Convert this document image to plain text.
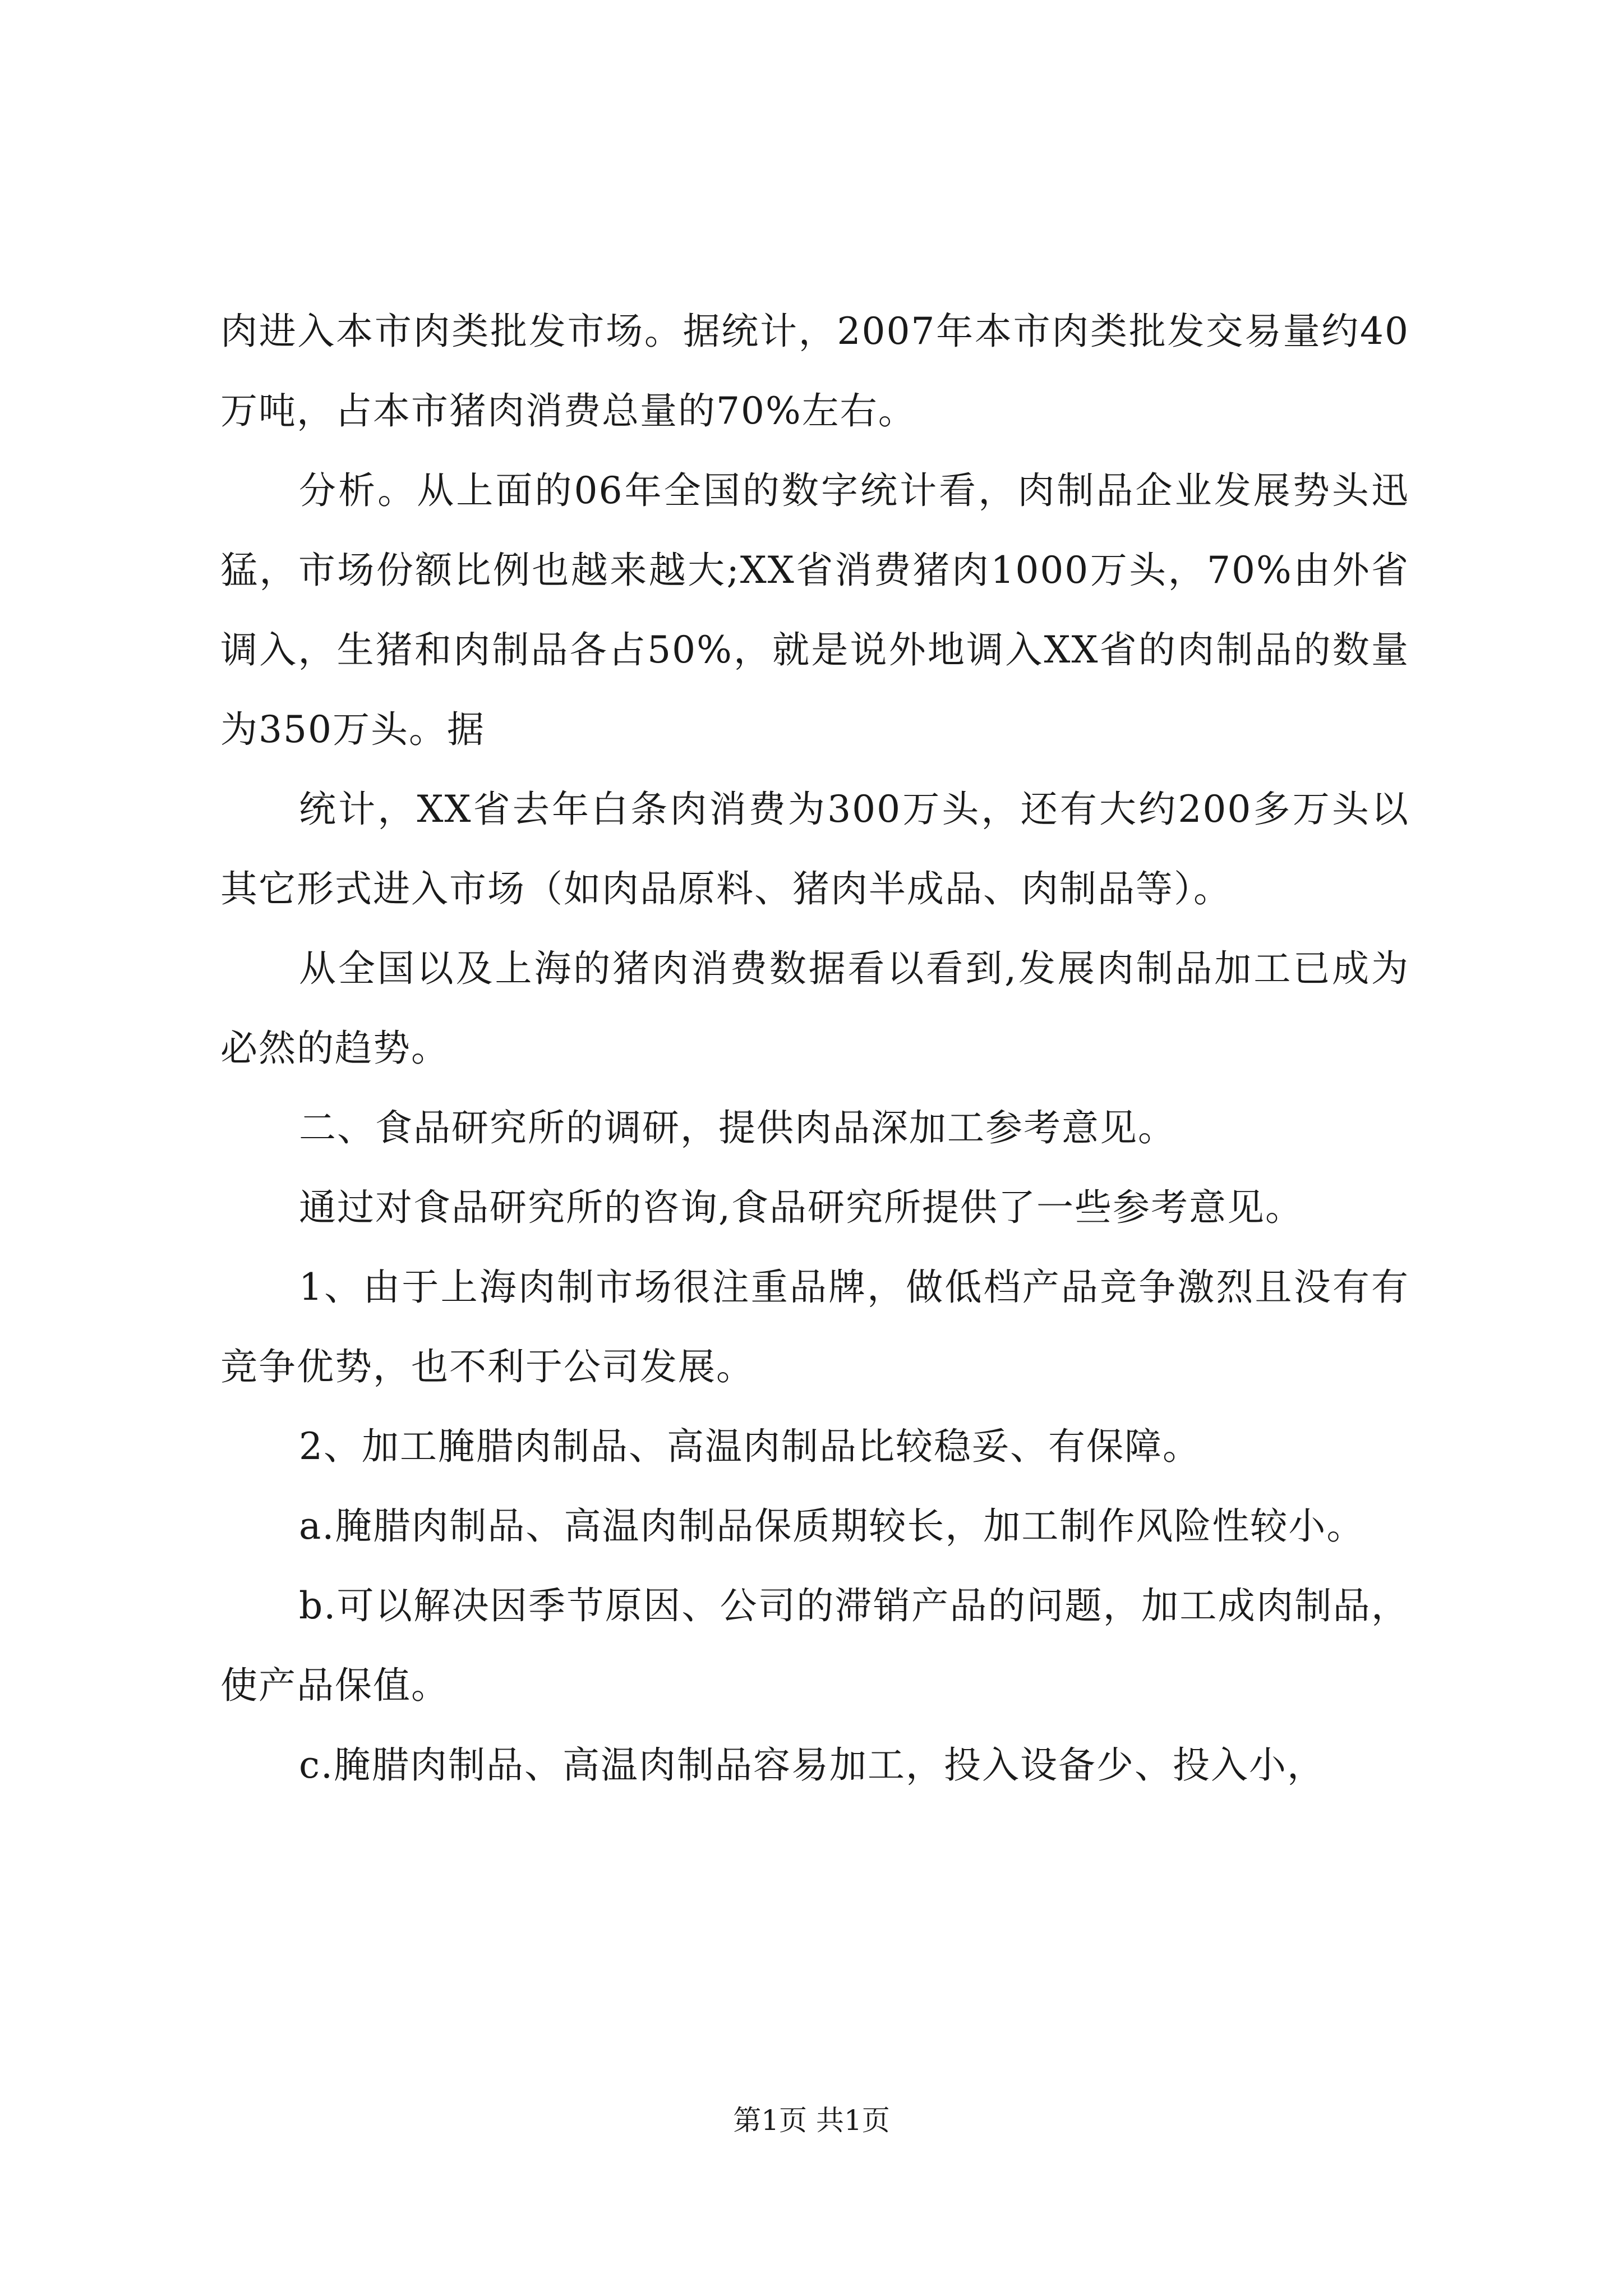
肉进入本市肉类批发市场。据统计，2007年本市肉类批发交易量约40万吨，占本市猪肉消费总量的70%左右。

分析。从上面的06年全国的数字统计看，肉制品企业发展势头迅猛，市场份额比例也越来越大;XX省消费猪肉1000万头，70%由外省调入，生猪和肉制品各占50%，就是说外地调入XX省的肉制品的数量为350万头。据

统计，XX省去年白条肉消费为300万头，还有大约200多万头以其它形式进入市场（如肉品原料、猪肉半成品、肉制品等）。

从全国以及上海的猪肉消费数据看以看到,发展肉制品加工已成为必然的趋势。

二、食品研究所的调研，提供肉品深加工参考意见。

通过对食品研究所的咨询,食品研究所提供了一些参考意见。

1、由于上海肉制市场很注重品牌，做低档产品竞争激烈且没有有竞争优势，也不利于公司发展。

2、加工腌腊肉制品、高温肉制品比较稳妥、有保障。

a.腌腊肉制品、高温肉制品保质期较长，加工制作风险性较小。

b.可以解决因季节原因、公司的滞销产品的问题，加工成肉制品，使产品保值。

c.腌腊肉制品、高温肉制品容易加工，投入设备少、投入小，

第1页 共1页
